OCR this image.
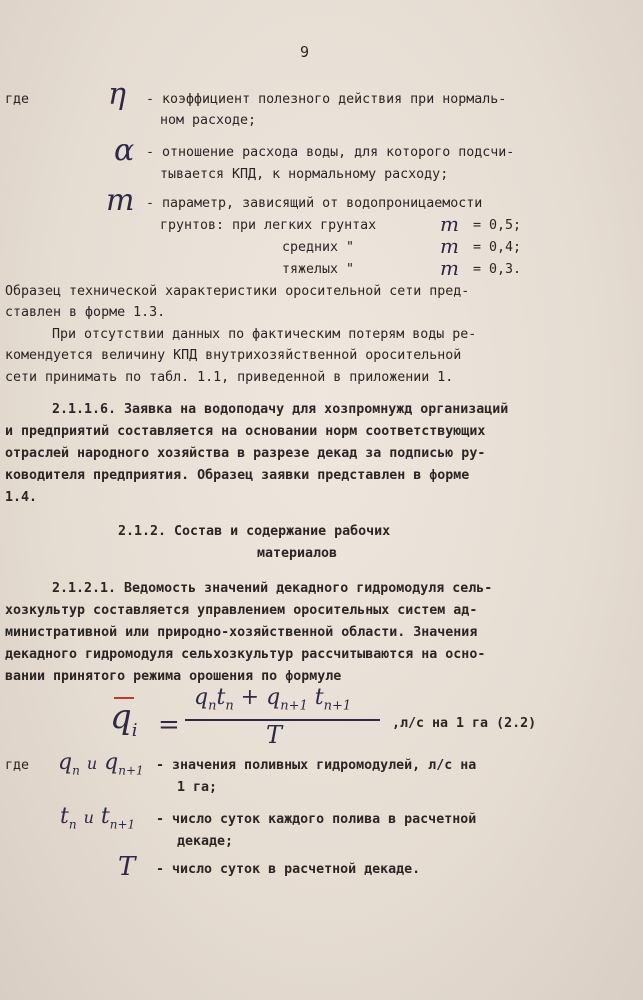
9
где	η - коэффициент полезного действия при нормаль-
ном расходе;
α - отношение расхода воды, для которого подсчи-
тывается КПД, к нормальному расходу;
m - параметр, зависящий от водопроницаемости
грунтов: при легких грунтах	m = 0,5;
средних "	m = 0,4;
тяжелых "	m = 0,3.
Образец технической характеристики оросительной сети пред-
ставлен в форме 1.3.
При отсутствии данных по фактическим потерям воды ре-
комендуется величину КПД внутрихозяйственной оросительной
сети принимать по табл. 1.1, приведенной в приложении 1.
2.1.1.6. Заявка на водоподачу для хозпромнужд организаций
и предприятий составляется на основании норм соответствующих
отраслей народного хозяйства в разрезе декад за подписью ру-
ководителя предприятия. Образец заявки представлен в форме
1.4.
2.1.2. Состав и содержание рабочих
материалов
2.1.2.1. Ведомость значений декадного гидромодуля сель-
хозкультур составляется управлением оросительных систем ад-
министративной или природно-хозяйственной области. Значения
декадного гидромодуля сельхозкультур рассчитываются на осно-
вании принятого режима орошения по формуле
$q_i$ =
$q_nt_n + q_{n+1}$ $t_{n+1}$
T	,л/с на 1 га (2.2)
где $q_n$ и $q_{n+1}$ - значения поливных гидромодулей, л/с на
1 га;
$t_n$ и $t_{n+1}$ - число суток каждого полива в расчетной
декаде;
T - число суток в расчетной декаде.
